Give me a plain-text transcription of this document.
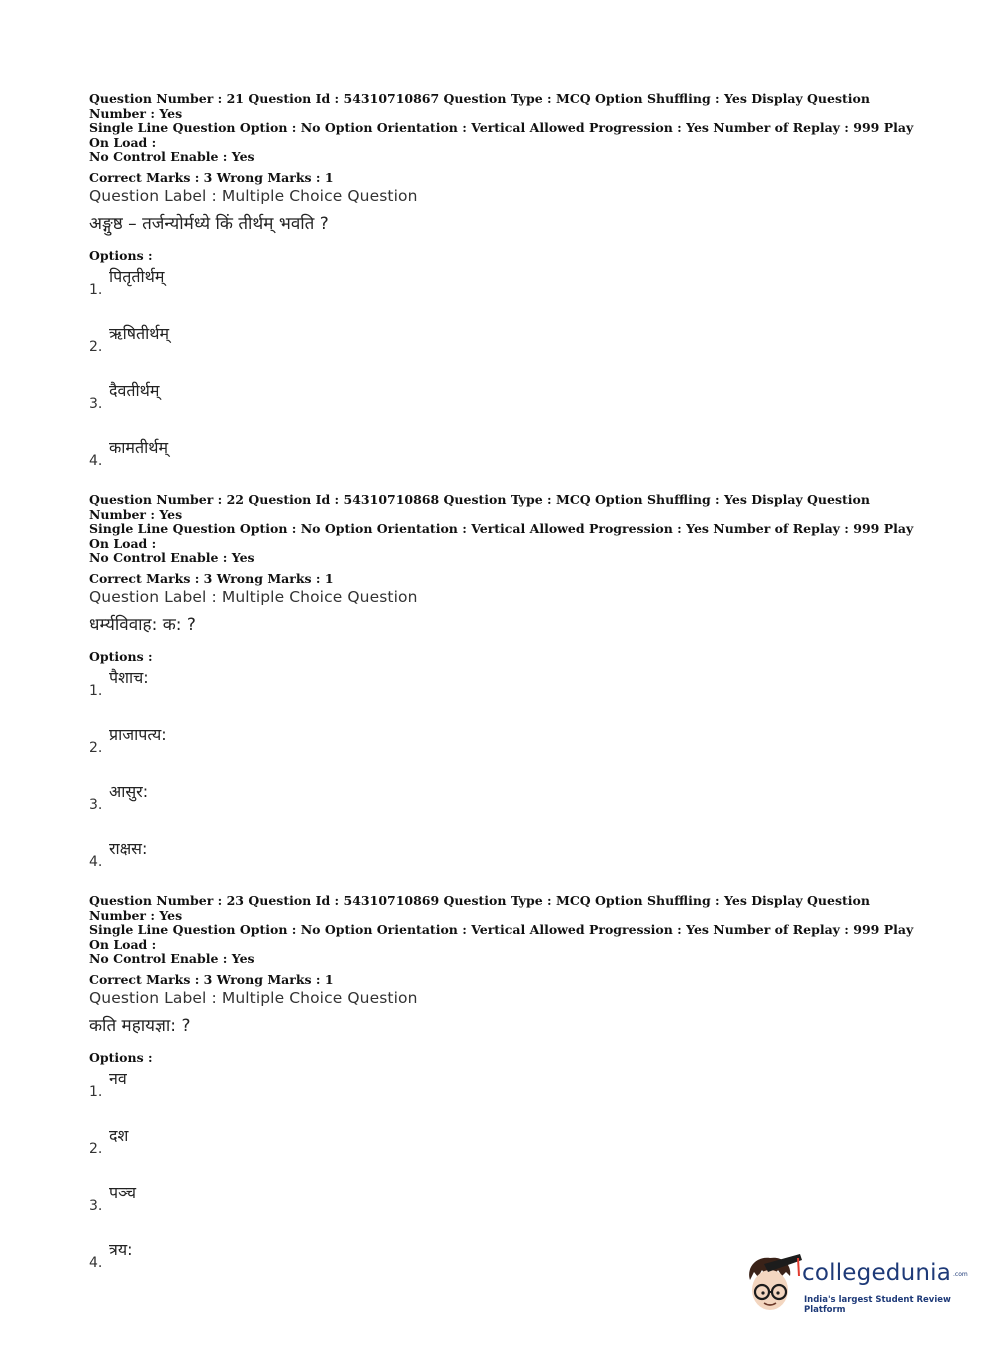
Question Number : 21 Question Id : 54310710867 Question Type : MCQ Option Shuffling : Yes Display Question Number : Yes
Single Line Question Option : No Option Orientation : Vertical Allowed Progression : Yes Number of Replay : 999 Play On Load :
No Control Enable : Yes
Correct Marks : 3 Wrong Marks : 1
Question Label : Multiple Choice Question
अङ्गुष्ठ – तर्जन्योर्मध्ये किं तीर्थम् भवति ?
Options :
1.
पितृतीर्थम्
2.
ऋषितीर्थम्
3.
दैवतीर्थम्
4.
कामतीर्थम्
Question Number : 22 Question Id : 54310710868 Question Type : MCQ Option Shuffling : Yes Display Question Number : Yes
Single Line Question Option : No Option Orientation : Vertical Allowed Progression : Yes Number of Replay : 999 Play On Load :
No Control Enable : Yes
Correct Marks : 3 Wrong Marks : 1
Question Label : Multiple Choice Question
धर्म्यविवाह: क: ?
Options :
1.
पैशाच:
2.
प्राजापत्य:
3.
आसुर:
4.
राक्षस:
Question Number : 23 Question Id : 54310710869 Question Type : MCQ Option Shuffling : Yes Display Question Number : Yes
Single Line Question Option : No Option Orientation : Vertical Allowed Progression : Yes Number of Replay : 999 Play On Load :
No Control Enable : Yes
Correct Marks : 3 Wrong Marks : 1
Question Label : Multiple Choice Question
कति महायज्ञा: ?
Options :
1.
नव
2.
दश
3.
पञ्च
4.
त्रय:
collegedunia .com
India's largest Student Review Platform
